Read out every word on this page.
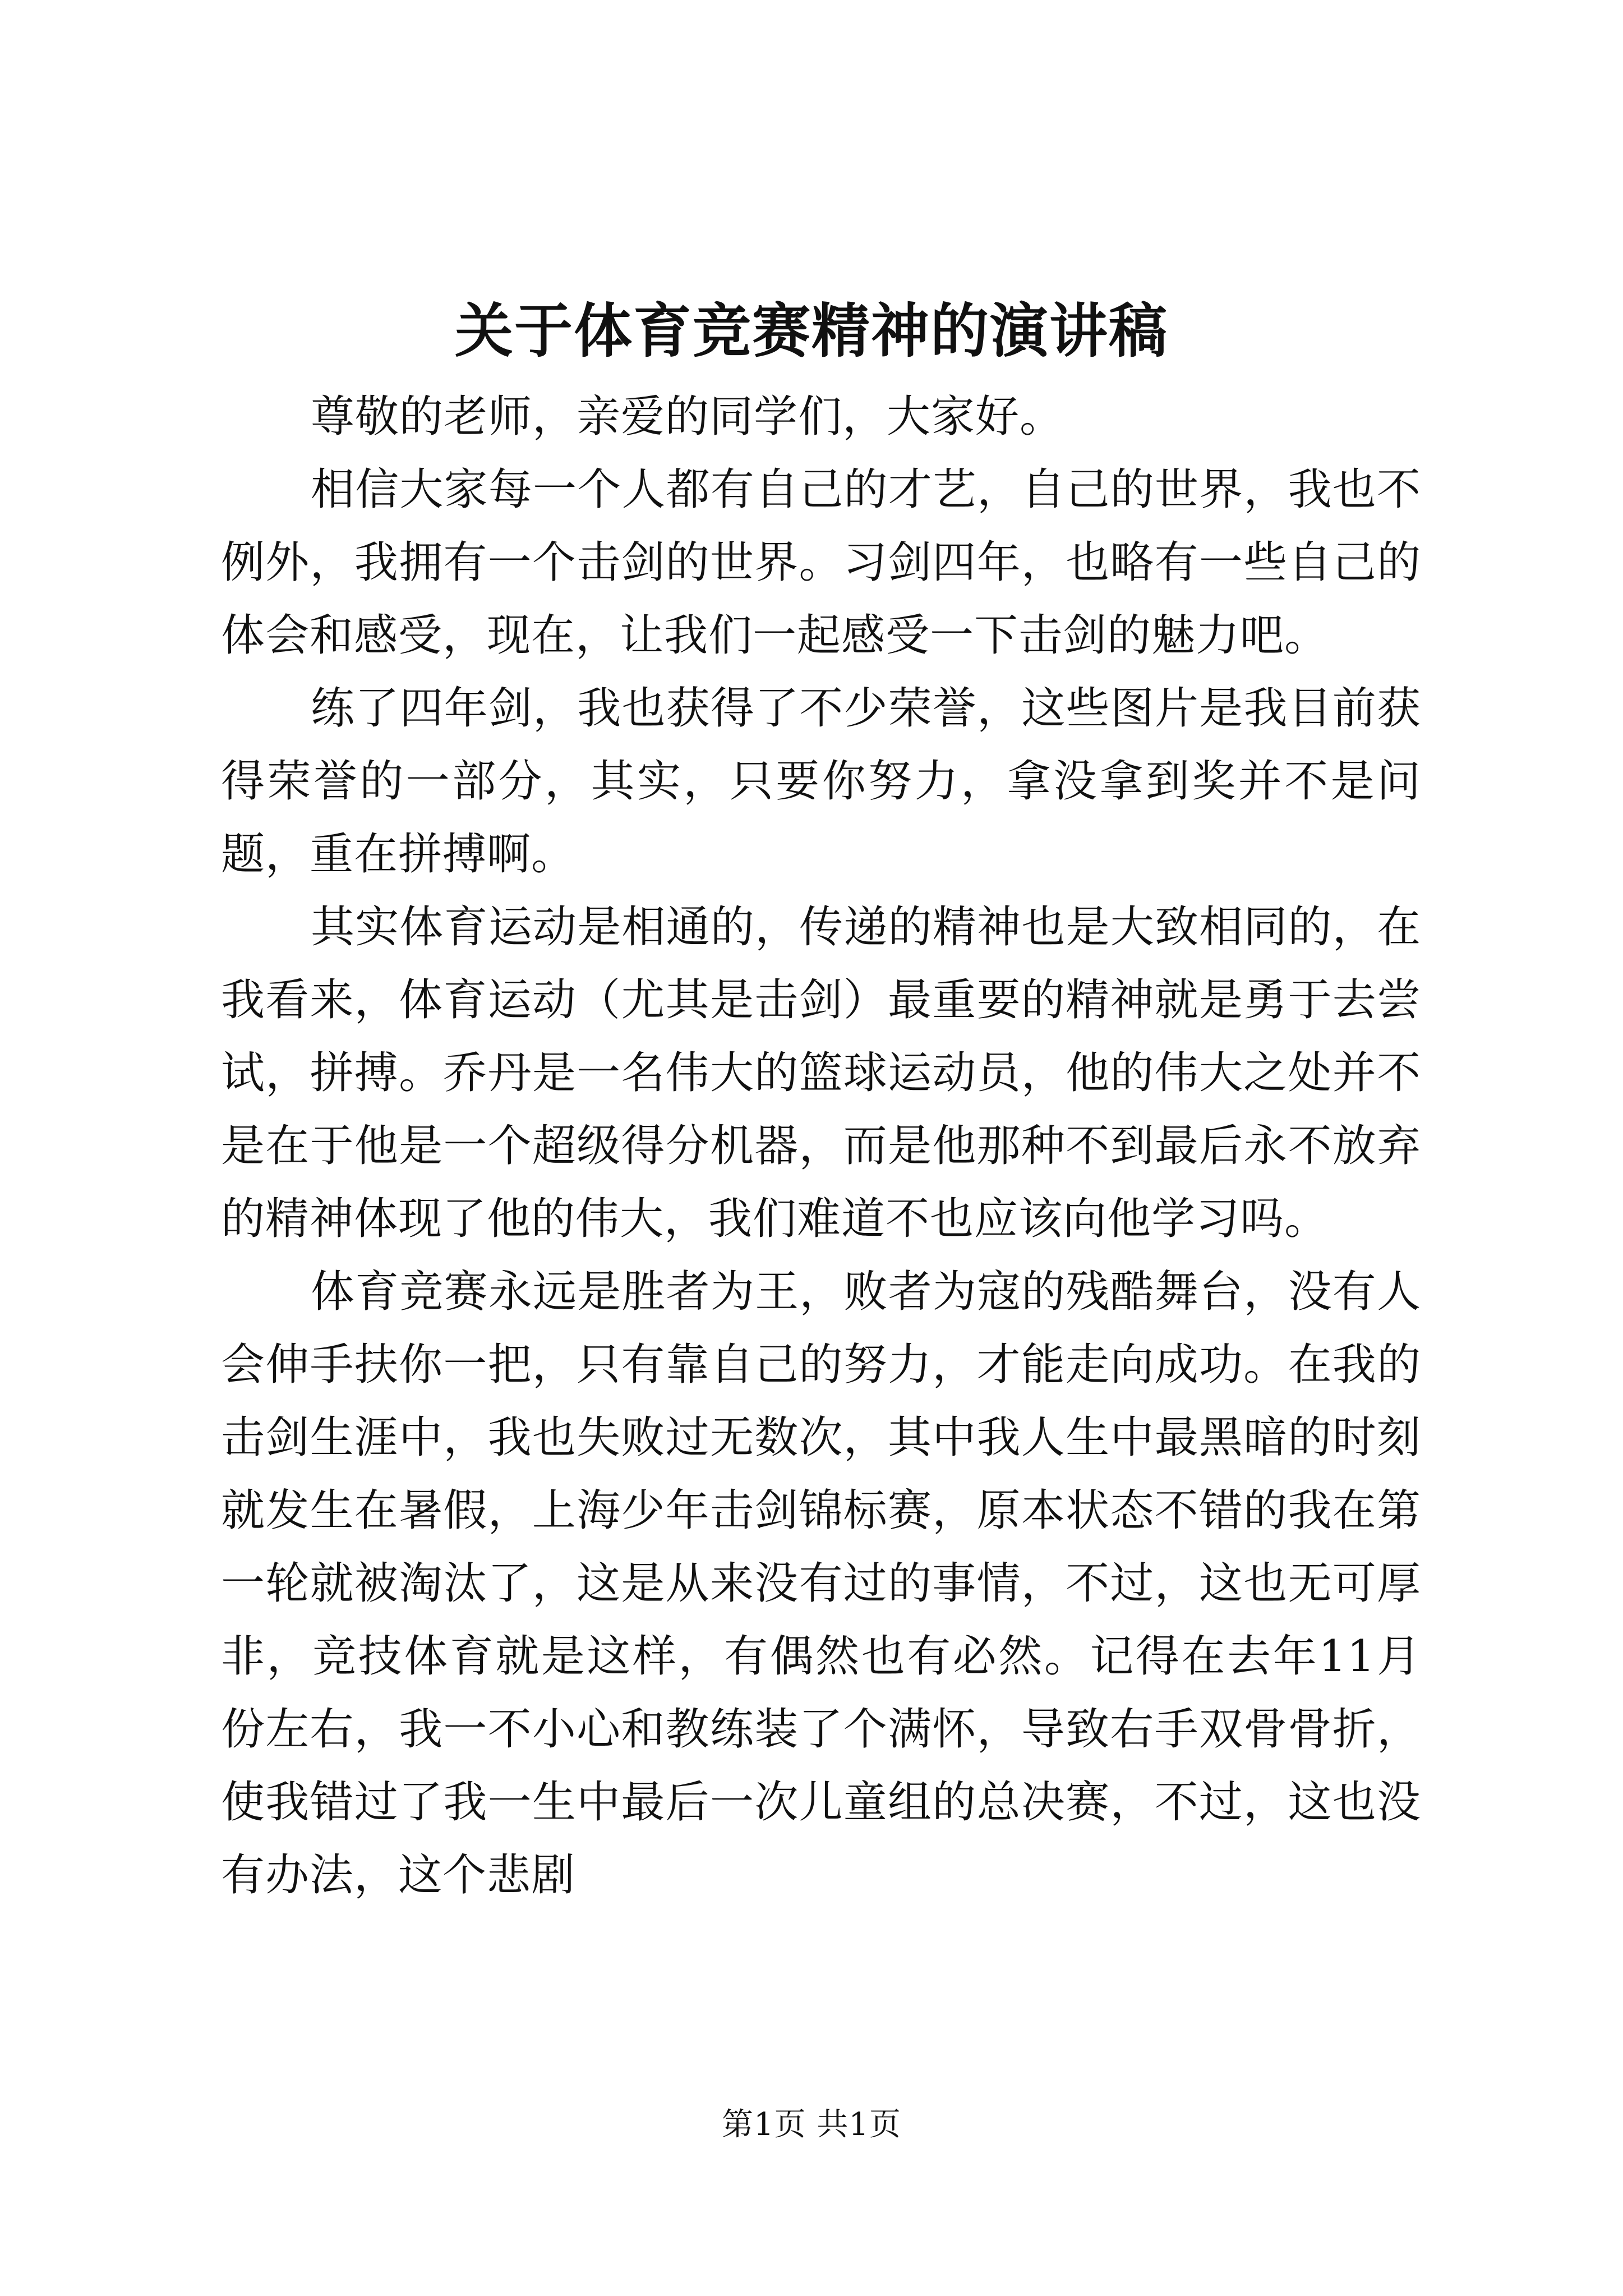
关于体育竞赛精神的演讲稿

尊敬的老师，亲爱的同学们，大家好。

相信大家每一个人都有自己的才艺，自己的世界，我也不例外，我拥有一个击剑的世界。习剑四年，也略有一些自己的体会和感受，现在，让我们一起感受一下击剑的魅力吧。

练了四年剑，我也获得了不少荣誉，这些图片是我目前获得荣誉的一部分，其实，只要你努力，拿没拿到奖并不是问题，重在拼搏啊。

其实体育运动是相通的，传递的精神也是大致相同的，在我看来，体育运动（尤其是击剑）最重要的精神就是勇于去尝试，拼搏。乔丹是一名伟大的篮球运动员，他的伟大之处并不是在于他是一个超级得分机器，而是他那种不到最后永不放弃的精神体现了他的伟大，我们难道不也应该向他学习吗。

体育竞赛永远是胜者为王，败者为寇的残酷舞台，没有人会伸手扶你一把，只有靠自己的努力，才能走向成功。在我的击剑生涯中，我也失败过无数次，其中我人生中最黑暗的时刻就发生在暑假，上海少年击剑锦标赛，原本状态不错的我在第一轮就被淘汰了，这是从来没有过的事情，不过，这也无可厚非，竞技体育就是这样，有偶然也有必然。记得在去年11月份左右，我一不小心和教练装了个满怀，导致右手双骨骨折，使我错过了我一生中最后一次儿童组的总决赛，不过，这也没有办法，这个悲剧

第1页 共1页
